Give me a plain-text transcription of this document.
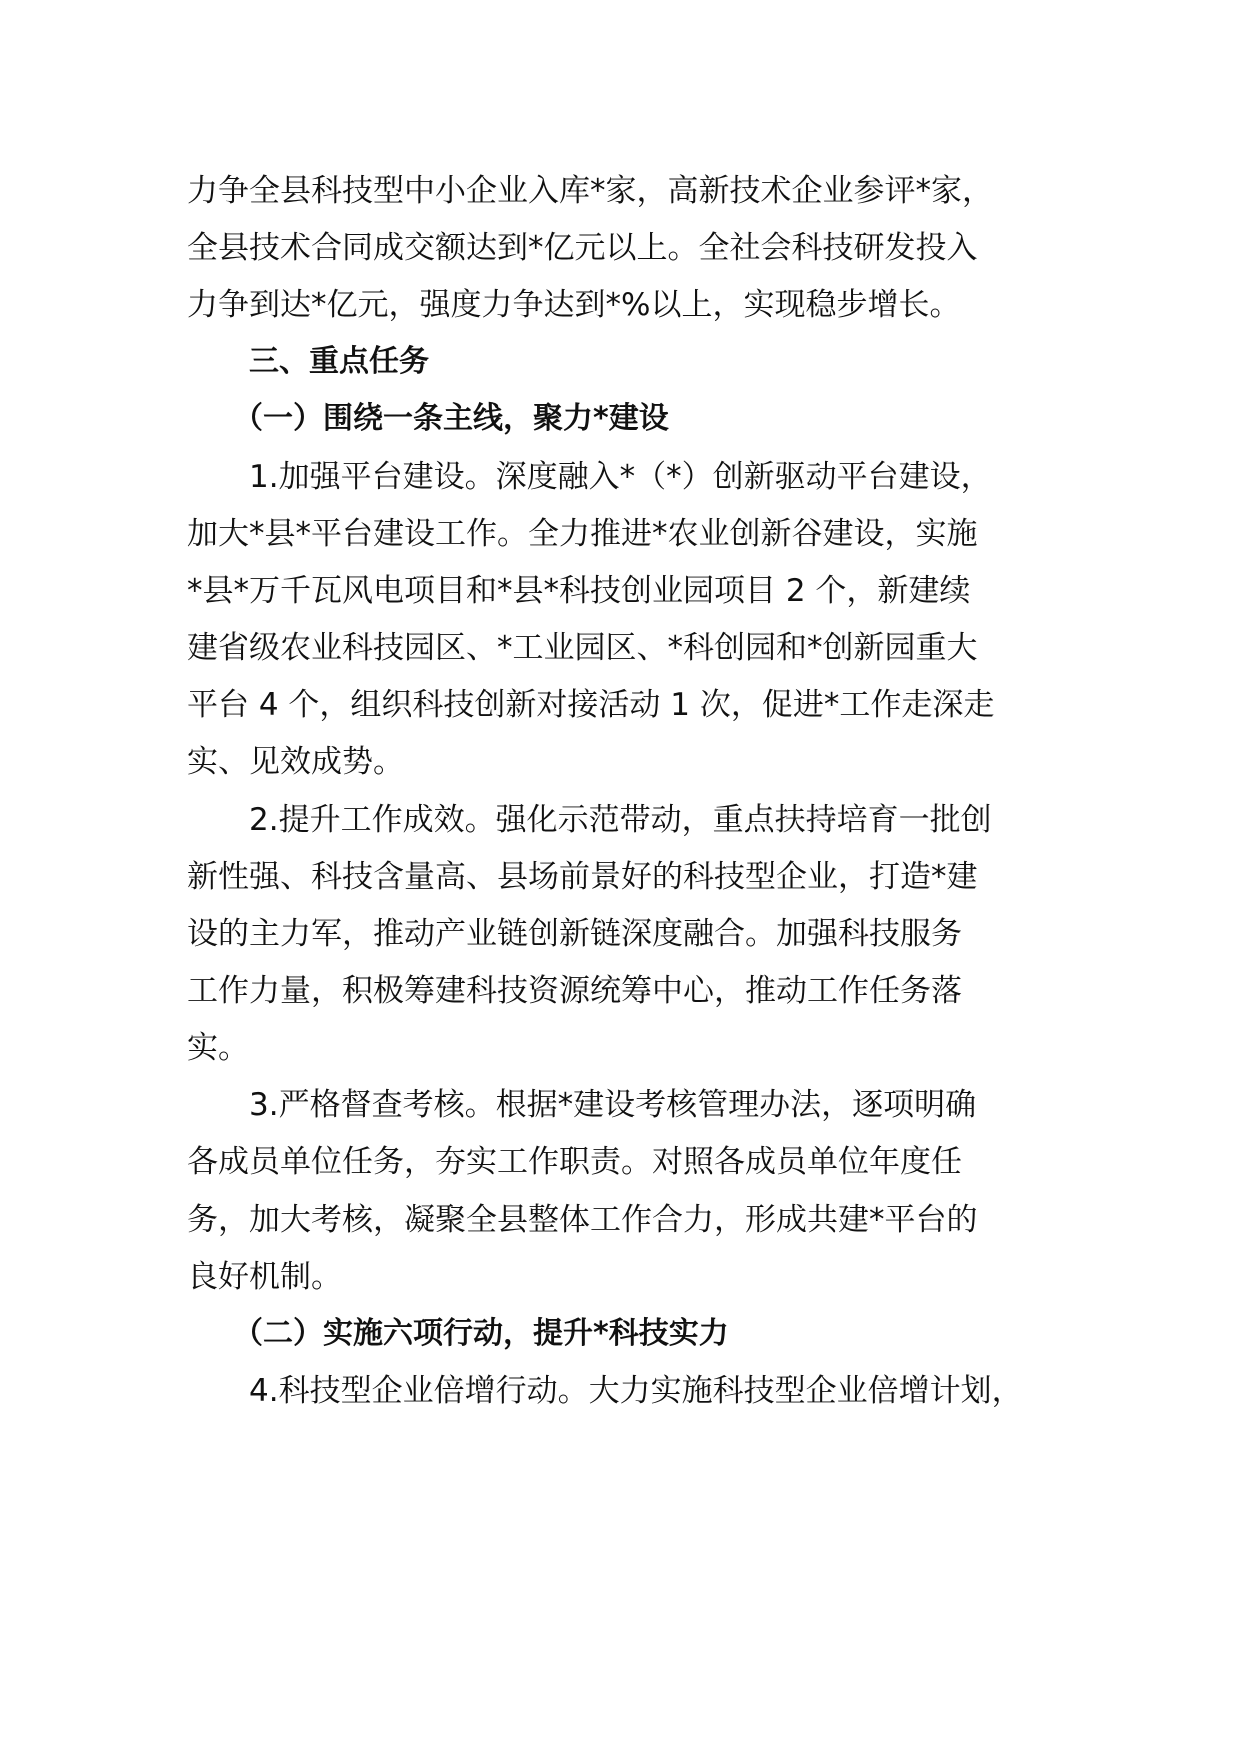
力争全县科技型中小企业入库*家，高新技术企业参评*家，
全县技术合同成交额达到*亿元以上。全社会科技研发投入
力争到达*亿元，强度力争达到*%以上，实现稳步增长。
三、重点任务
（一）围绕一条主线，聚力*建设
1.加强平台建设。深度融入*（*）创新驱动平台建设，
加大*县*平台建设工作。全力推进*农业创新谷建设，实施
*县*万千瓦风电项目和*县*科技创业园项目 2 个，新建续
建省级农业科技园区、*工业园区、*科创园和*创新园重大
平台 4 个，组织科技创新对接活动 1 次，促进*工作走深走
实、见效成势。
2.提升工作成效。强化示范带动，重点扶持培育一批创
新性强、科技含量高、县场前景好的科技型企业，打造*建
设的主力军，推动产业链创新链深度融合。加强科技服务
工作力量，积极筹建科技资源统筹中心，推动工作任务落
实。
3.严格督查考核。根据*建设考核管理办法，逐项明确
各成员单位任务，夯实工作职责。对照各成员单位年度任
务，加大考核，凝聚全县整体工作合力，形成共建*平台的
良好机制。
（二）实施六项行动，提升*科技实力
4.科技型企业倍增行动。大力实施科技型企业倍增计划，
